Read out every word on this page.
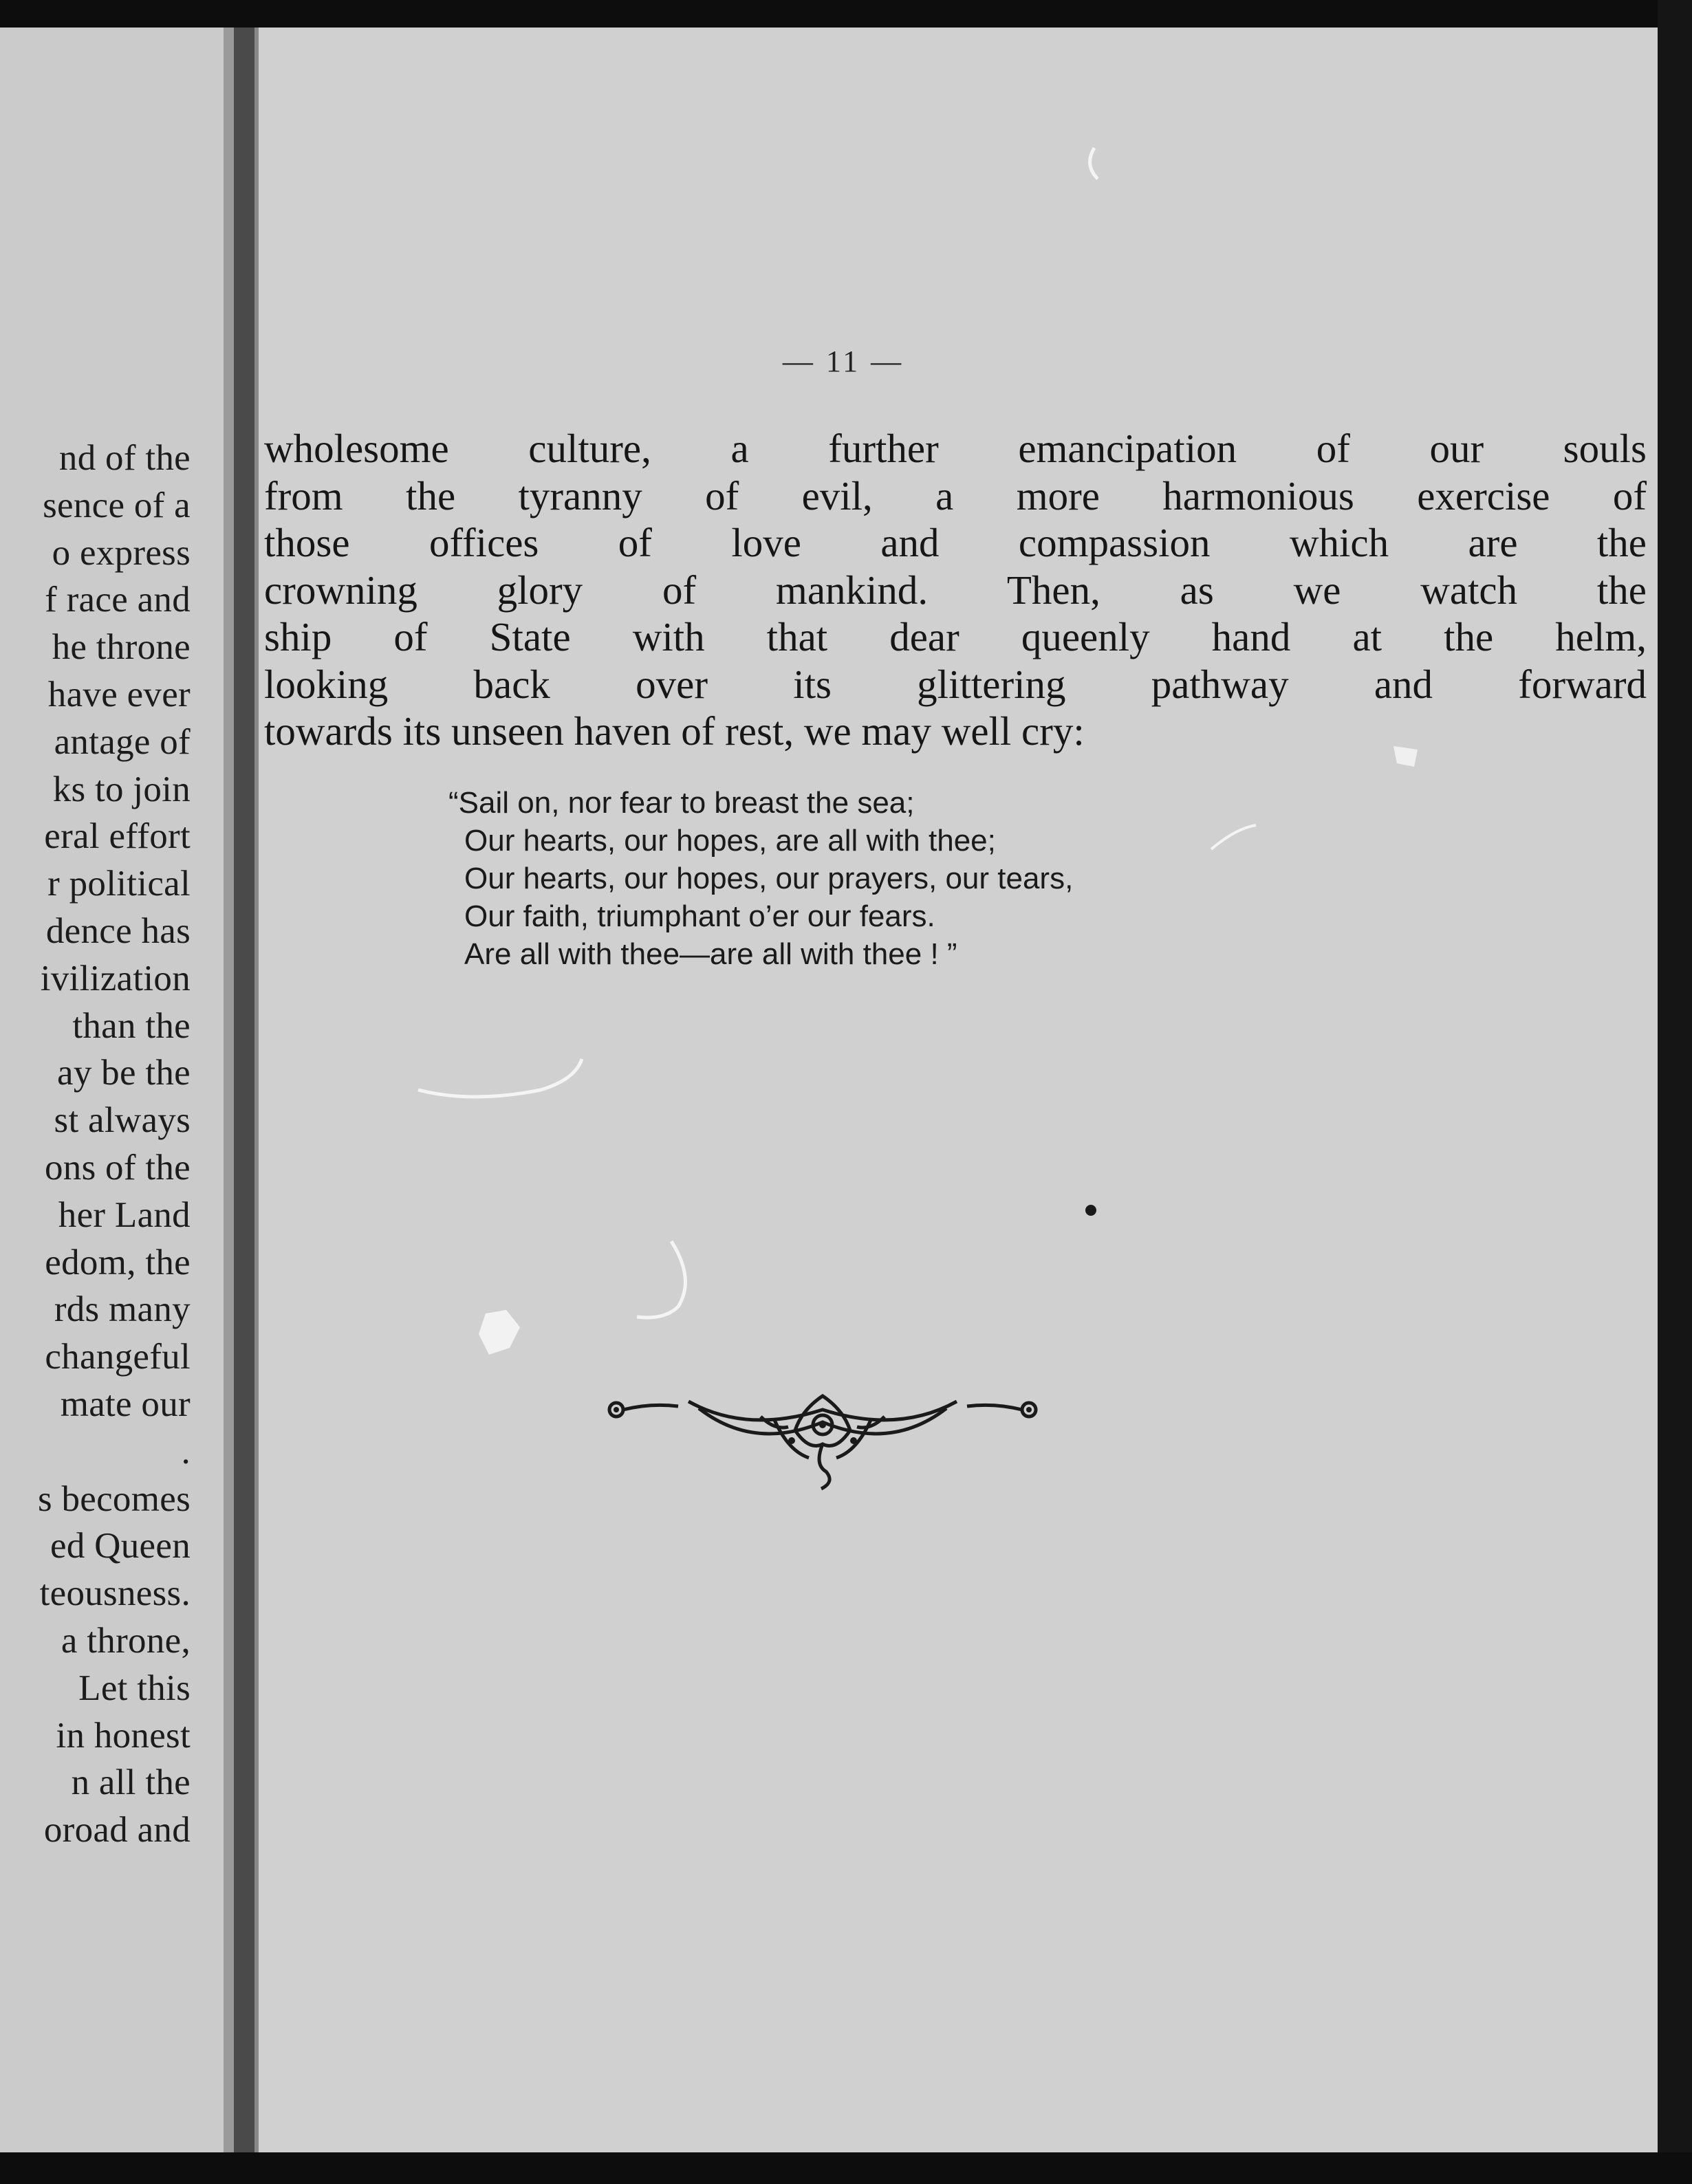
nd of the
sence of a
o express
f race and
he throne
have ever
antage of
ks to join
eral effort
r political
dence has
ivilization
than the
ay be the
st always
ons of the
her Land
edom, the
rds many
changeful
mate our
.
s becomes
ed Queen
teousness.
a throne,
Let this
in honest
n all the
oroad and
— 11 —
wholesome culture, a further emancipation of our souls
from the tyranny of evil, a more harmonious exercise of
those offices of love and compassion which are the
crowning glory of mankind. Then, as we watch the
ship of State with that dear queenly hand at the helm,
looking back over its glittering pathway and forward
towards its unseen haven of rest, we may well cry:
“Sail on, nor fear to breast the sea;
Our hearts, our hopes, are all with thee;
Our hearts, our hopes, our prayers, our tears,
Our faith, triumphant o’er our fears.
Are all with thee—are all with thee ! ”
